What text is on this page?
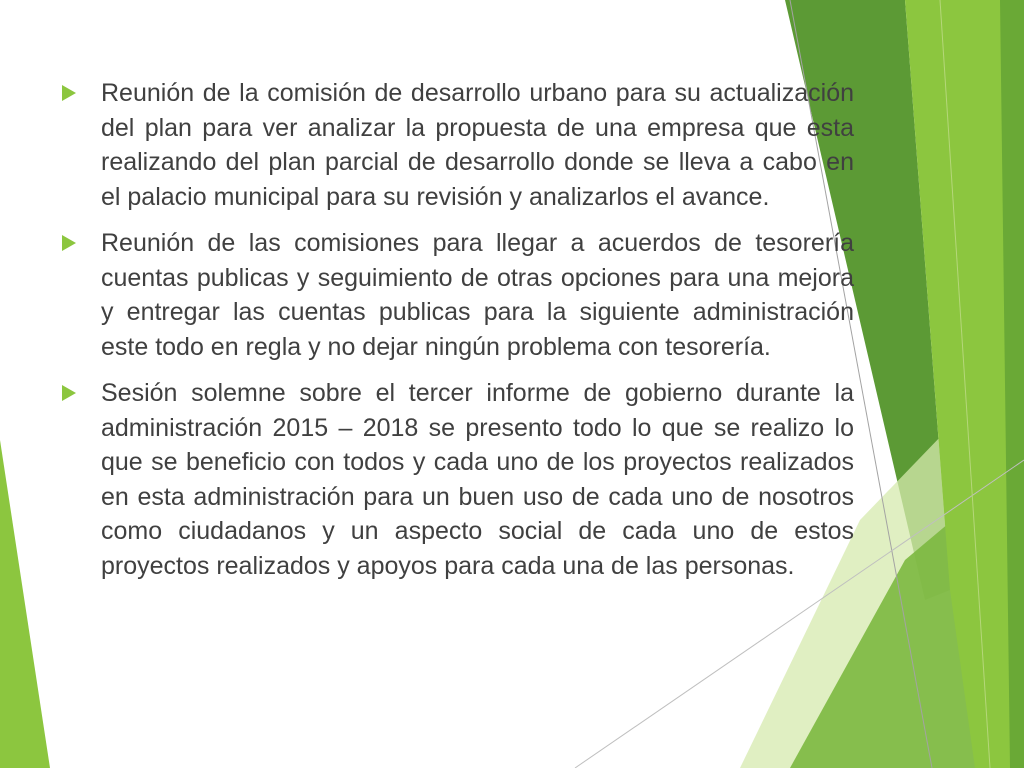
Reunión de la comisión de desarrollo urbano para su actualización del plan para ver analizar la propuesta de una empresa que esta realizando del plan parcial de desarrollo donde se lleva a cabo en el palacio municipal para su revisión y analizarlos el avance.

Reunión de las comisiones para llegar a acuerdos de tesorería cuentas publicas y seguimiento de otras opciones para una mejora y entregar las cuentas publicas para la siguiente administración este todo en regla y no dejar ningún problema con tesorería.

Sesión solemne sobre el tercer informe de gobierno durante la administración 2015 – 2018 se presento todo lo que se realizo lo que se beneficio con todos y cada uno de los proyectos realizados en esta administración para un buen uso de cada uno de nosotros como ciudadanos y un aspecto social de cada uno de estos proyectos realizados y apoyos para cada una de las personas.
